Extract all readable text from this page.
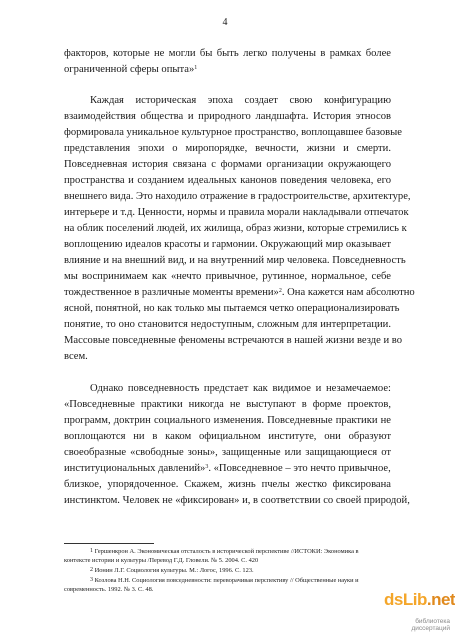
4
факторов, которые не могли бы быть легко получены в рамках более
ограниченной сферы опыта»$^1$
Каждая историческая эпоха создает свою конфигурацию
взаимодействия общества и природного ландшафта. История этносов
формировала уникальное культурное пространство, воплощавшее базовые
представления эпохи о миропорядке, вечности, жизни и смерти.
Повседневная история связана с формами организации окружающего
пространства и созданием идеальных канонов поведения человека, его
внешнего вида. Это находило отражение в градостроительстве, архитектуре,
интерьере и т.д. Ценности, нормы и правила морали накладывали отпечаток
на облик поселений людей, их жилища, образ жизни, которые стремились к
воплощению идеалов красоты и гармонии. Окружающий мир оказывает
влияние и на внешний вид, и на внутренний мир человека. Повседневность
мы воспринимаем как «нечто привычное, рутинное, нормальное, себе
тождественное в различные моменты времени»$^2$. Она кажется нам абсолютно
ясной, понятной, но как только мы пытаемся четко операционализировать
понятие, то оно становится недоступным, сложным для интерпретации.
Массовые повседневные феномены встречаются в нашей жизни везде и во
всем.
Однако повседневность предстает как видимое и незамечаемое:
«Повседневные практики никогда не выступают в форме проектов,
программ, доктрин социального изменения. Повседневные практики не
воплощаются ни в каком официальном институте, они образуют
своеобразные «свободные зоны», защищенные или защищающиеся от
институциональных давлений»$^3$. «Повседневное – это нечто привычное,
близкое, упорядоченное. Скажем, жизнь пчелы жестко фиксирована
инстинктом. Человек не «фиксирован» и, в соответствии со своей природой,
$^1$ Гершенкрон А. Экономическая отсталость в исторической перспективе //ИСТОКИ: Экономика в
контексте истории и культуры /Перевод Г.Д. Гловели. № 5. 2004. С. 420
$^2$ Ионин Л.Г. Социология культуры. М.: Логос, 1996. С. 123.
$^3$ Козлова Н.Н. Социология повседневности: переворачивая перспективу // Общественные науки и
современность. 1992. № 3. С. 48.
dsLib.net
библиотека диссертаций
